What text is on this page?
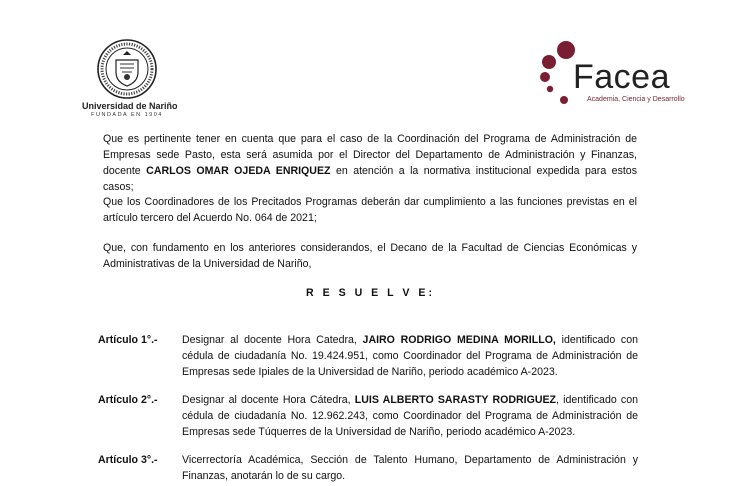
Universidad de Nariño
FUNDADA EN 1904
Facea
Academia, Ciencia y Desarrollo

Que es pertinente tener en cuenta que para el caso de la Coordinación del Programa de Administración de Empresas sede Pasto, esta será asumida por el Director del Departamento de Administración y Finanzas, docente CARLOS OMAR OJEDA ENRIQUEZ en atención a la normativa institucional expedida para estos casos;

Que los Coordinadores de los Precitados Programas deberán dar cumplimiento a las funciones previstas en el artículo tercero del Acuerdo No. 064 de 2021;

Que, con fundamento en los anteriores considerandos, el Decano de la Facultad de Ciencias Económicas y Administrativas de la Universidad de Nariño,

R E S U E L V E:
Artículo 1°.-	Designar al docente Hora Catedra, JAIRO RODRIGO MEDINA MORILLO, identificado con cédula de ciudadanía No. 19.424.951, como Coordinador del Programa de Administración de Empresas sede Ipiales de la Universidad de Nariño, periodo académico A-2023.
Artículo 2°.-	Designar al docente Hora Cátedra, LUIS ALBERTO SARASTY RODRIGUEZ, identificado con cédula de ciudadanía No. 12.962.243, como Coordinador del Programa de Administración de Empresas sede Túquerres de la Universidad de Nariño, periodo académico A-2023.
Artículo 3°.-	Vicerrectoría Académica, Sección de Talento Humano, Departamento de Administración y Finanzas, anotarán lo de su cargo.
